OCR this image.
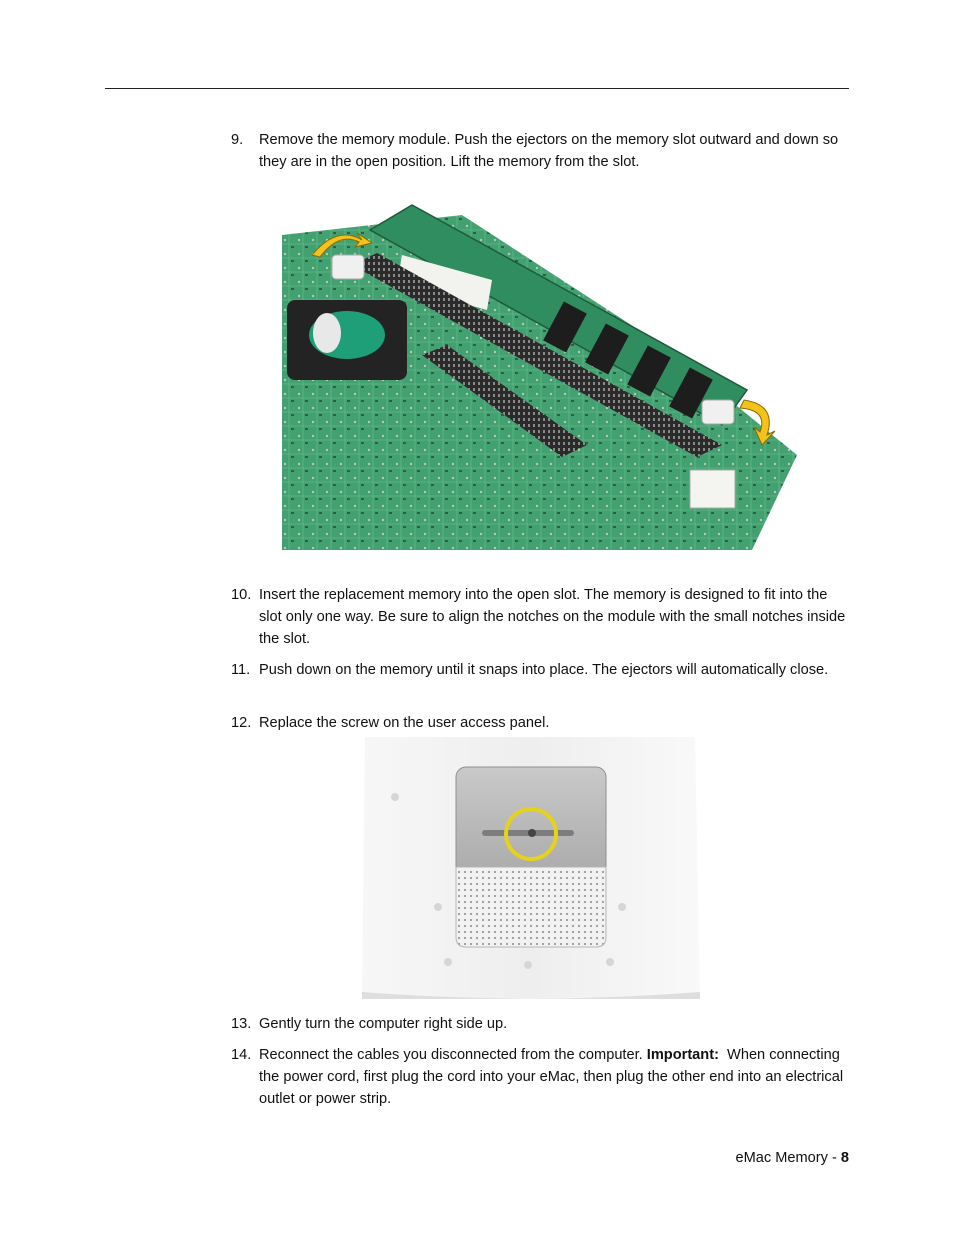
9. Remove the memory module. Push the ejectors on the memory slot outward and down so they are in the open position. Lift the memory from the slot.
10. Insert the replacement memory into the open slot. The memory is designed to fit into the slot only one way. Be sure to align the notches on the module with the small notches inside the slot.
11. Push down on the memory until it snaps into place. The ejectors will automatically close.
12. Replace the screw on the user access panel.
13. Gently turn the computer right side up.
14. Reconnect the cables you disconnected from the computer. Important: When connecting the power cord, first plug the cord into your eMac, then plug the other end into an electrical outlet or power strip.
eMac Memory - 8
